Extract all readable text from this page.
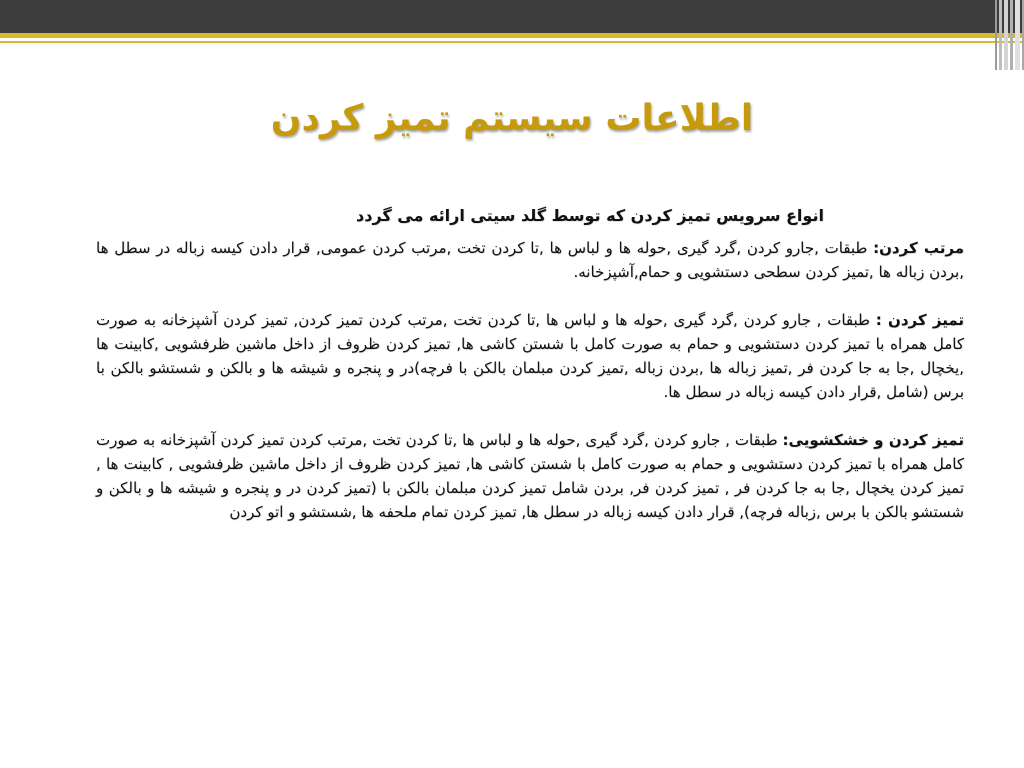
اطلاعات سیستم تمیز کردن
انواع سرویس تمیز کردن که توسط گلد سیتی ارائه می گردد

مرتب کردن: طبقات ,جارو کردن ,گرد گیری ,حوله ها و لباس ها ,تا کردن تخت ,مرتب کردن عمومی, قرار دادن کیسه زباله در سطل ها ,بردن زباله ها ,تمیز کردن سطحی دستشویی و حمام,آشپزخانه.

تمیز کردن : طبقات , جارو کردن ,گرد گیری ,حوله ها و لباس ها ,تا کردن تخت ,مرتب کردن تمیز کردن, تمیز کردن آشپزخانه به صورت کامل همراه با تمیز کردن دستشویی و حمام به صورت کامل با شستن کاشی ها, تمیز کردن ظروف از داخل ماشین ظرفشویی ,کابینت ها ,یخچال ,جا به جا کردن فر ,تمیز زباله ها ,بردن زباله ,تمیز کردن مبلمان بالکن با فرچه)در و پنجره و شیشه ها و بالکن و شستشو بالکن با برس (شامل ,قرار دادن کیسه زباله در سطل ها.

تمیز کردن و خشکشویی: طبقات , جارو کردن ,گرد گیری ,حوله ها و لباس ها ,تا کردن تخت ,مرتب کردن تمیز کردن آشپزخانه به صورت کامل همراه با تمیز کردن دستشویی و حمام به صورت کامل با شستن کاشی ها, تمیز کردن ظروف از داخل ماشین ظرفشویی , کابینت ها , تمیز کردن یخچال ,جا به جا کردن فر , تمیز کردن فر, بردن شامل تمیز کردن مبلمان بالکن با (تمیز کردن در و پنجره و شیشه ها و بالکن و شستشو بالکن با برس ,زباله فرچه), قرار دادن کیسه زباله در سطل ها, تمیز کردن تمام ملحفه ها ,شستشو و اتو کردن
